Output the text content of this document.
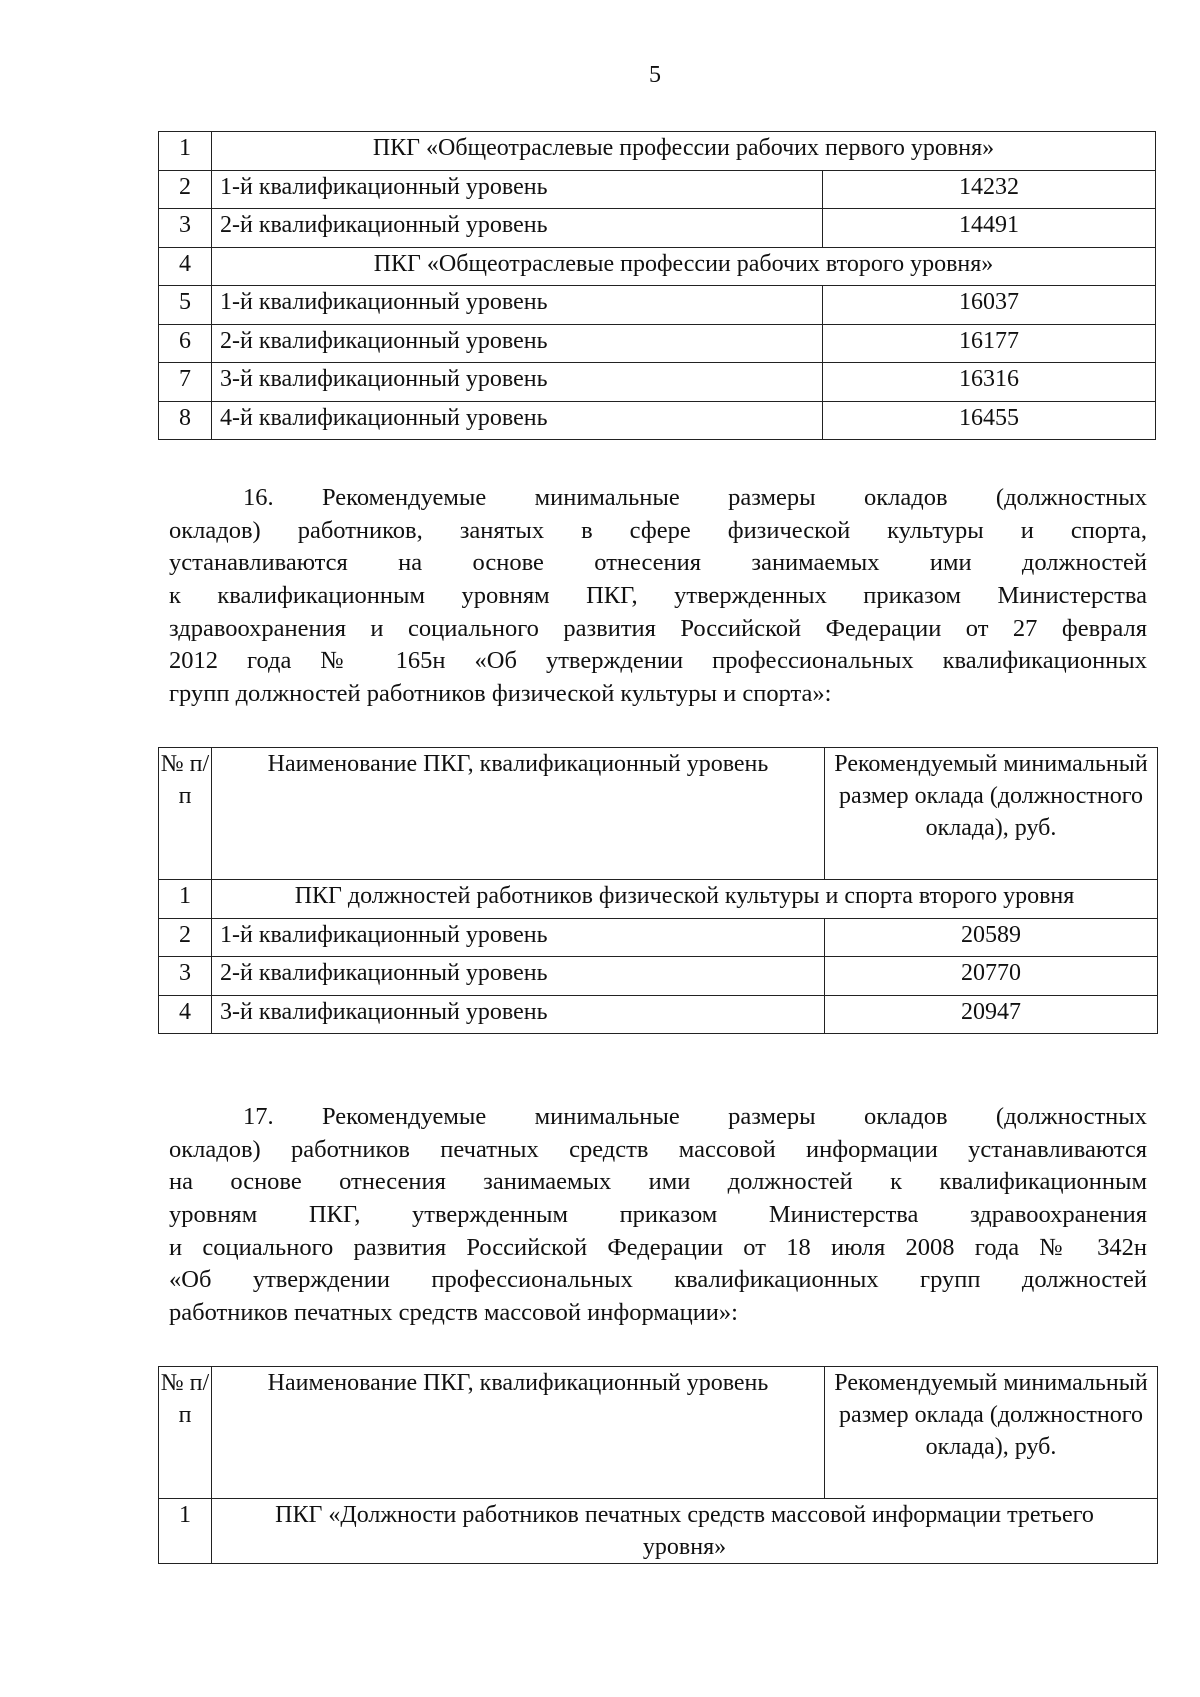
5
1	ПКГ «Общеотраслевые профессии рабочих первого уровня»	
2	1-й квалификационный уровень	14232
3	2-й квалификационный уровень	14491
4	ПКГ «Общеотраслевые профессии рабочих второго уровня»	
5	1-й квалификационный уровень	16037
6	2-й квалификационный уровень	16177
7	3-й квалификационный уровень	16316
8	4-й квалификационный уровень	16455
16. Рекомендуемые минимальные размеры окладов (должностных
окладов) работников, занятых в сфере физической культуры и спорта,
устанавливаются на основе отнесения занимаемых ими должностей
к квалификационным уровням ПКГ, утвержденных приказом Министерства
здравоохранения и социального развития Российской Федерации от 27 февраля
2012 года № 165н «Об утверждении профессиональных квалификационных
групп должностей работников физической культуры и спорта»:
№ п/п	Наименование ПКГ, квалификационный уровень	Рекомендуемый минимальный размер оклада (должностного оклада), руб.
1	ПКГ должностей работников физической культуры и спорта второго уровня	
2	1-й квалификационный уровень	20589
3	2-й квалификационный уровень	20770
4	3-й квалификационный уровень	20947
17. Рекомендуемые минимальные размеры окладов (должностных
окладов) работников печатных средств массовой информации устанавливаются
на основе отнесения занимаемых ими должностей к квалификационным
уровням ПКГ, утвержденным приказом Министерства здравоохранения
и социального развития Российской Федерации от 18 июля 2008 года № 342н
«Об утверждении профессиональных квалификационных групп должностей
работников печатных средств массовой информации»:
№ п/п	Наименование ПКГ, квалификационный уровень	Рекомендуемый минимальный размер оклада (должностного оклада), руб.
1	ПКГ «Должности работников печатных средств массовой информации третьего уровня»	
